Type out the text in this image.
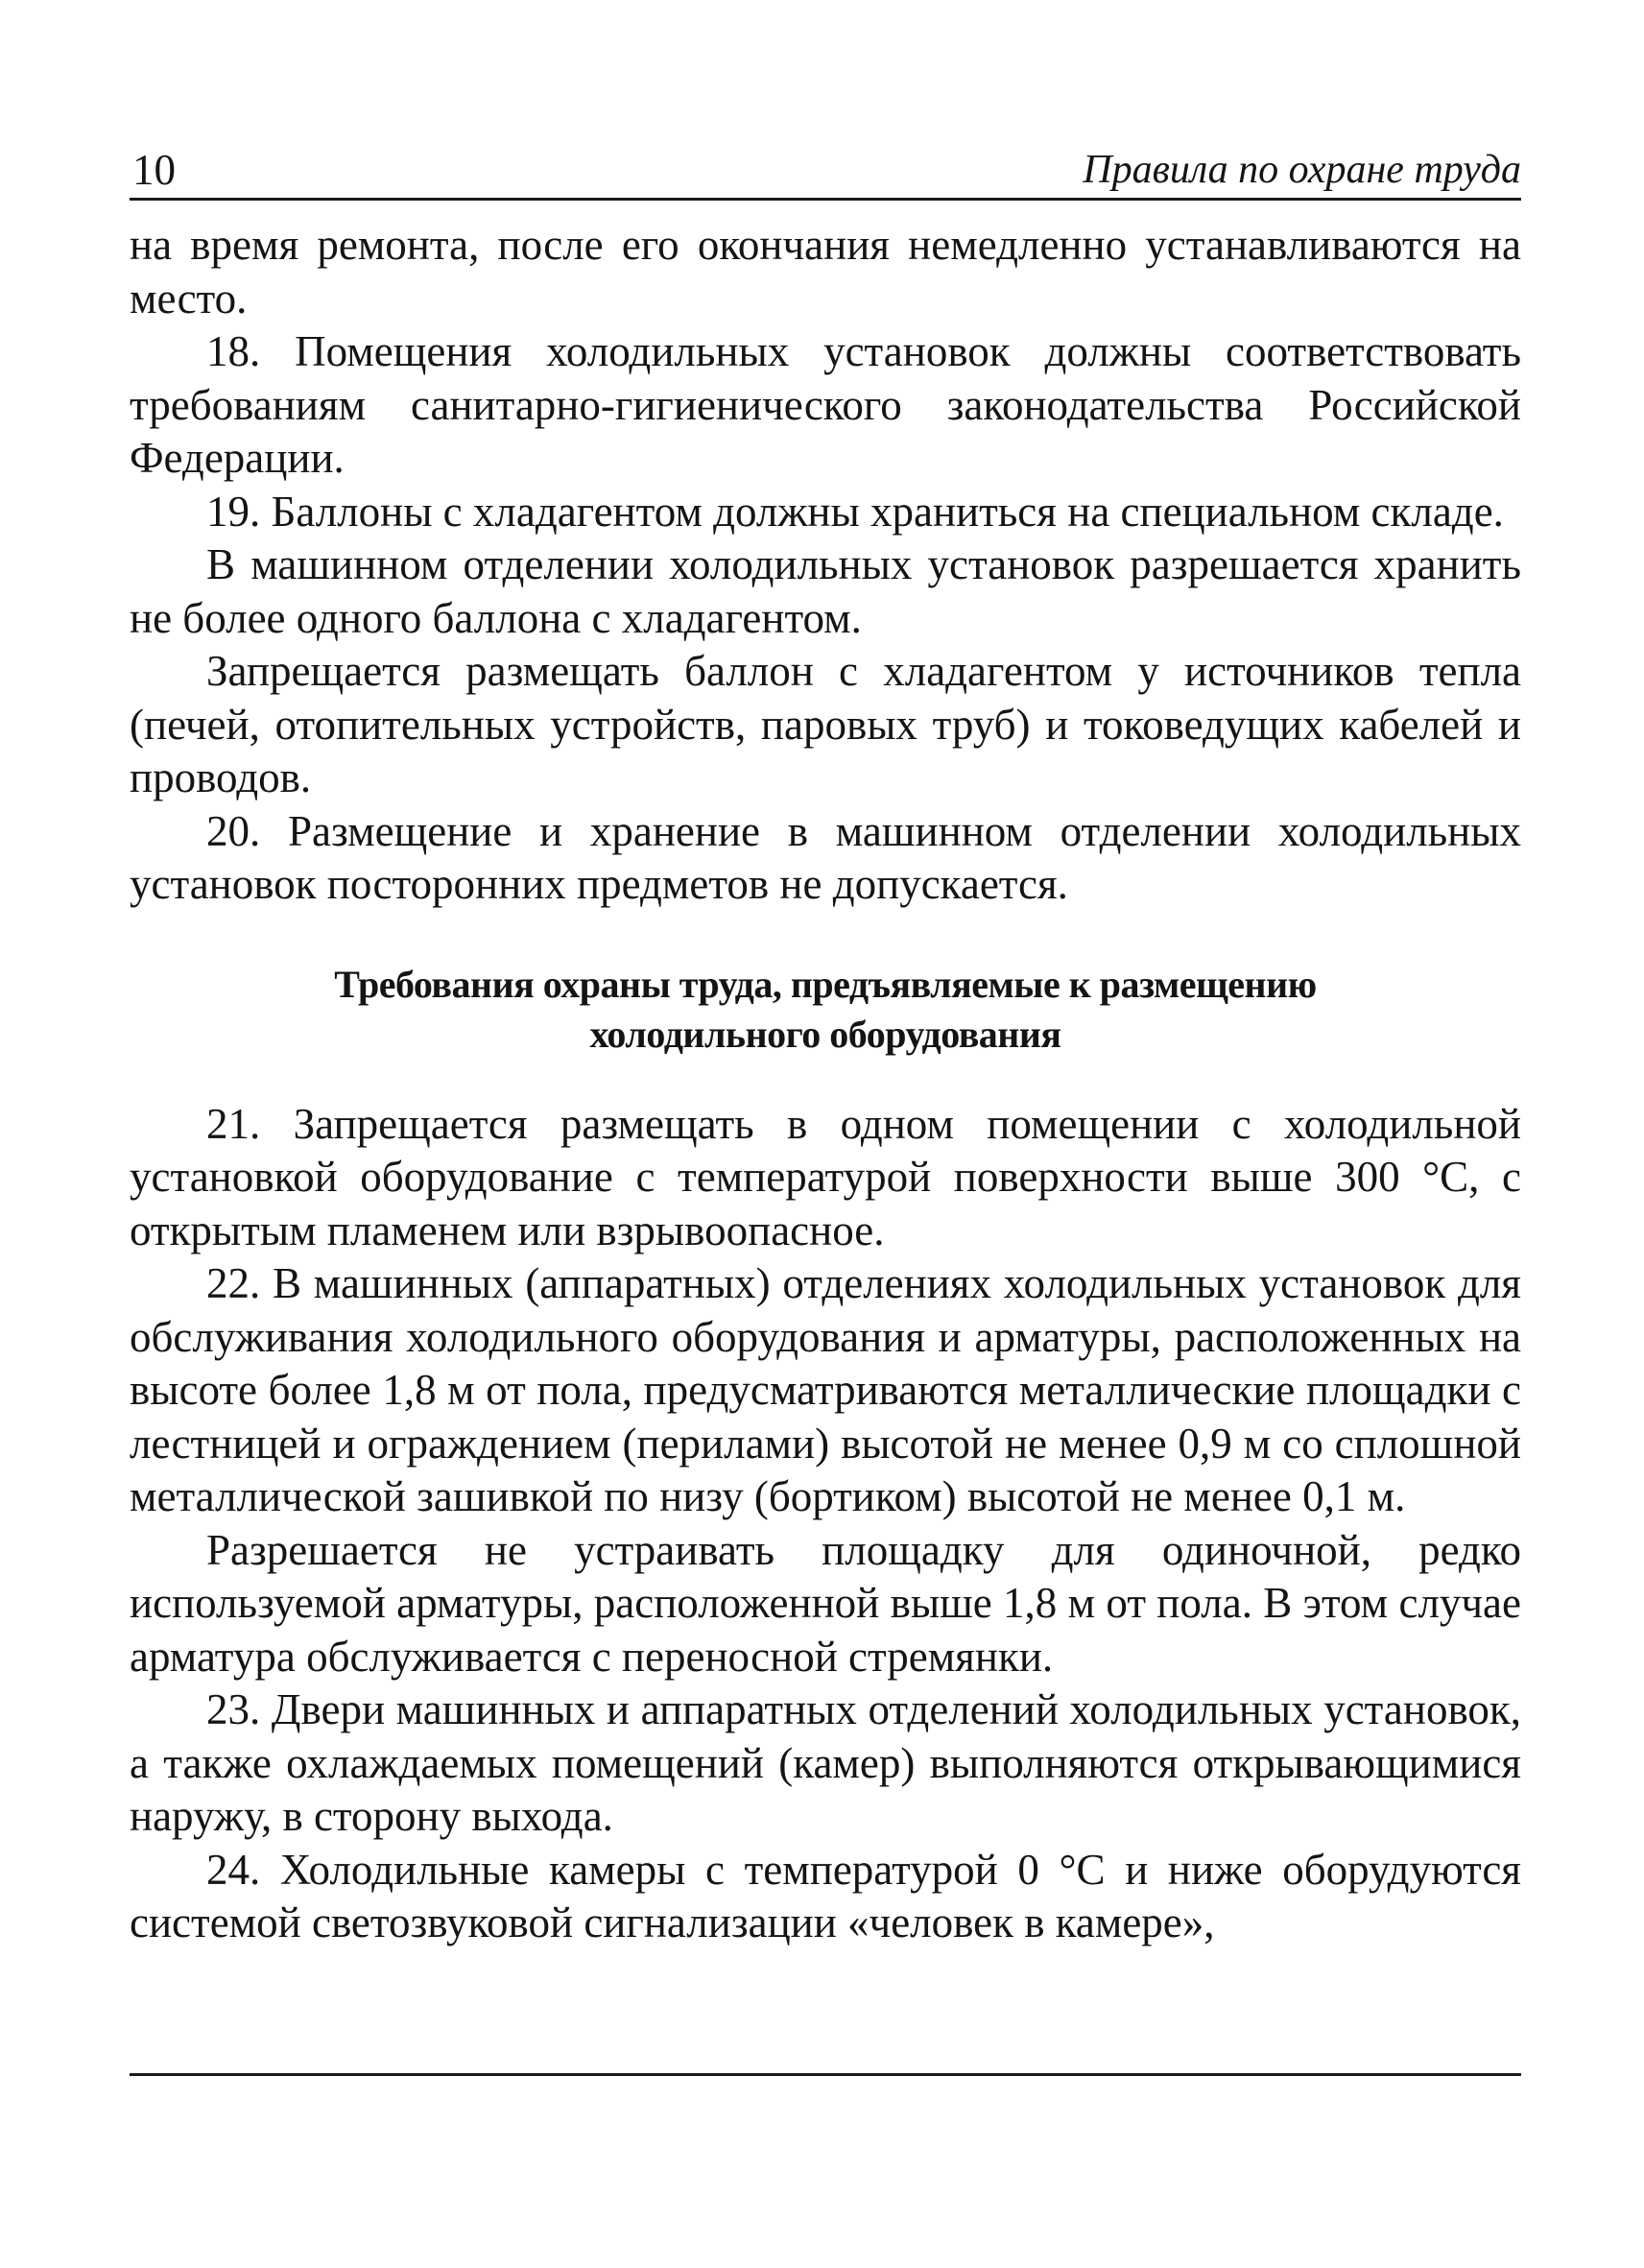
10	Правила по охране труда

на время ремонта, после его окончания немедленно устанавливаются на место.

18. Помещения холодильных установок должны соответствовать требованиям санитарно-гигиенического законодательства Российской Федерации.

19. Баллоны с хладагентом должны храниться на специальном складе.

В машинном отделении холодильных установок разрешается хранить не более одного баллона с хладагентом.

Запрещается размещать баллон с хладагентом у источников тепла (печей, отопительных устройств, паровых труб) и токоведущих кабелей и проводов.

20. Размещение и хранение в машинном отделении холодильных установок посторонних предметов не допускается.

Требования охраны труда, предъявляемые к размещению
холодильного оборудования

21. Запрещается размещать в одном помещении с холодильной установкой оборудование с температурой поверхности выше 300 °С, с открытым пламенем или взрывоопасное.

22. В машинных (аппаратных) отделениях холодильных установок для обслуживания холодильного оборудования и арматуры, расположенных на высоте более 1,8 м от пола, предусматриваются металлические площадки с лестницей и ограждением (перилами) высотой не менее 0,9 м со сплошной металлической зашивкой по низу (бортиком) высотой не менее 0,1 м.

Разрешается не устраивать площадку для одиночной, редко используемой арматуры, расположенной выше 1,8 м от пола. В этом случае арматура обслуживается с переносной стремянки.

23. Двери машинных и аппаратных отделений холодильных установок, а также охлаждаемых помещений (камер) выполняются открывающимися наружу, в сторону выхода.

24. Холодильные камеры с температурой 0 °С и ниже оборудуются системой светозвуковой сигнализации «человек в камере»,
